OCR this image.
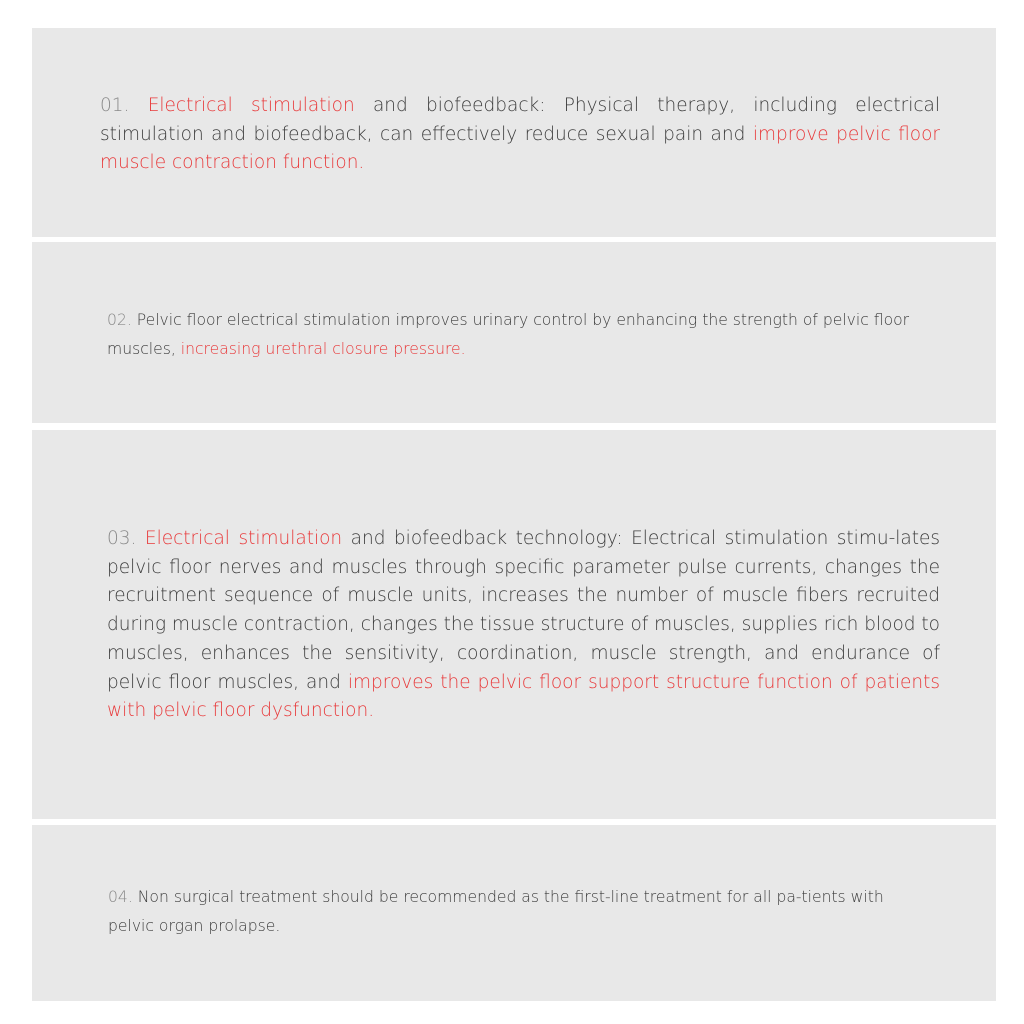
01. Electrical stimulation and biofeedback: Physical therapy, including electrical stimulation and biofeedback, can effectively reduce sexual pain and improve pelvic floor muscle contraction function.

02. Pelvic floor electrical stimulation improves urinary control by enhancing the strength of pelvic floor muscles, increasing urethral closure pressure.

03. Electrical stimulation and biofeedback technology: Electrical stimulation stimu-lates pelvic floor nerves and muscles through specific parameter pulse currents, changes the recruitment sequence of muscle units, increases the number of muscle fibers recruited during muscle contraction, changes the tissue structure of muscles, supplies rich blood to muscles, enhances the sensitivity, coordination, muscle strength, and endurance of pelvic floor muscles, and improves the pelvic floor support structure function of patients with pelvic floor dysfunction.

04. Non surgical treatment should be recommended as the first-line treatment for all pa-tients with pelvic organ prolapse.
